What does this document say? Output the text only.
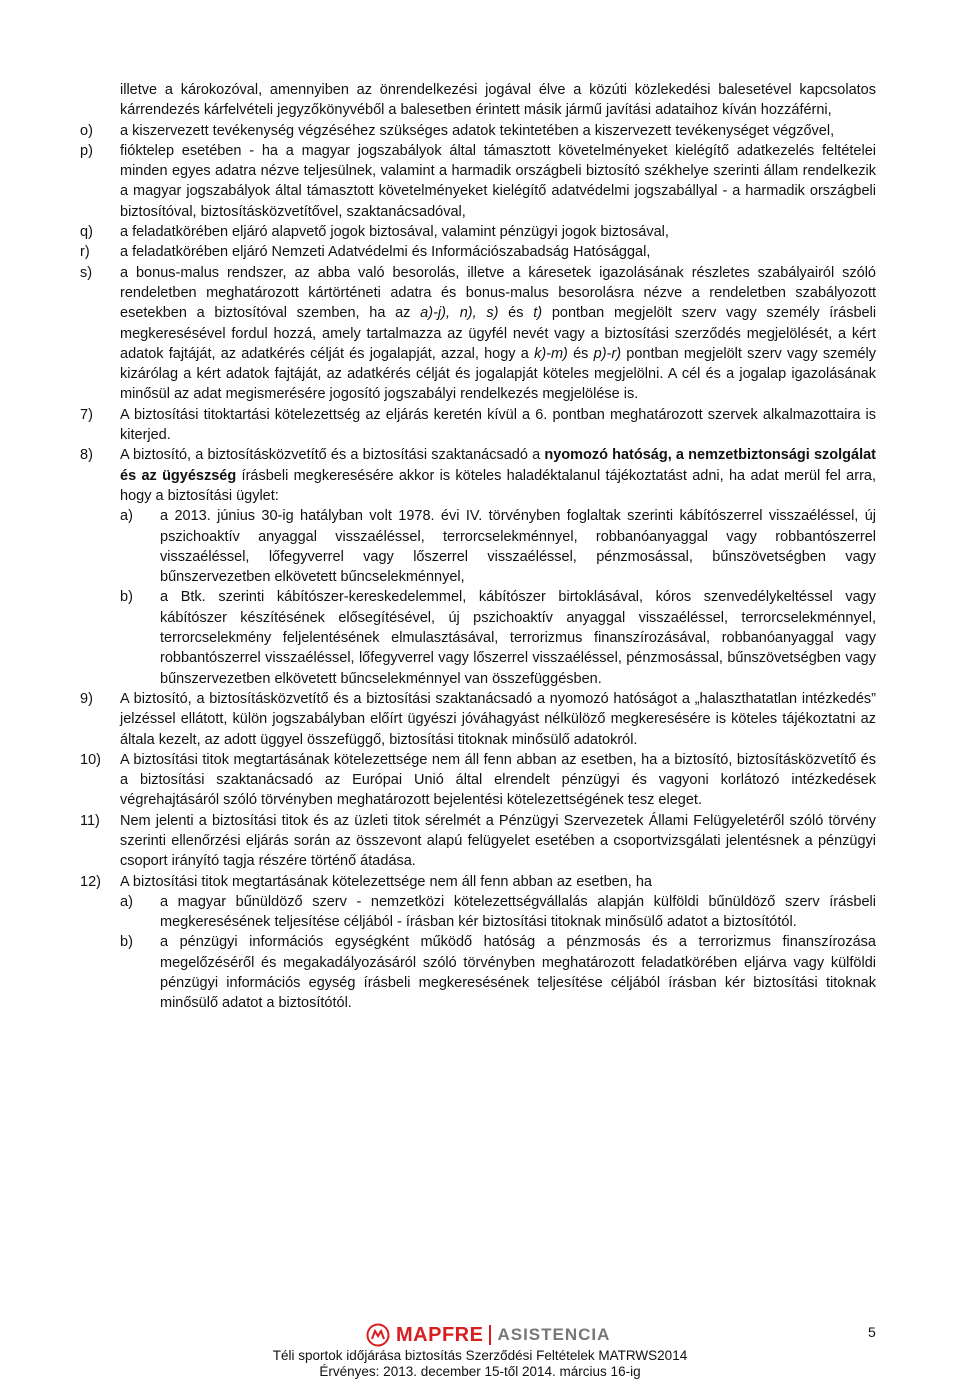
illetve a károkozóval, amennyiben az önrendelkezési jogával élve a közúti közlekedési balesetével kapcsolatos kárrendezés kárfelvételi jegyzőkönyvéből a balesetben érintett másik jármű javítási adataihoz kíván hozzáférni,
o) a kiszervezett tevékenység végzéséhez szükséges adatok tekintetében a kiszervezett tevékenységet végzővel,
p) fióktelep esetében - ha a magyar jogszabályok által támasztott követelményeket kielégítő adatkezelés feltételei minden egyes adatra nézve teljesülnek, valamint a harmadik országbeli biztosító székhelye szerinti állam rendelkezik a magyar jogszabályok által támasztott követelményeket kielégítő adatvédelmi jogszabállyal - a harmadik országbeli biztosítóval, biztosításközvetítővel, szaktanácsadóval,
q) a feladatkörében eljáró alapvető jogok biztosával, valamint pénzügyi jogok biztosával,
r) a feladatkörében eljáró Nemzeti Adatvédelmi és Információszabadság Hatósággal,
s) a bonus-malus rendszer, az abba való besorolás, illetve a káresetek igazolásának részletes szabályairól szóló rendeletben meghatározott kártörténeti adatra és bonus-malus besorolásra nézve a rendeletben szabályozott esetekben a biztosítóval szemben, ha az a)-j), n), s) és t) pontban megjelölt szerv vagy személy írásbeli megkeresésével fordul hozzá, amely tartalmazza az ügyfél nevét vagy a biztosítási szerződés megjelölését, a kért adatok fajtáját, az adatkérés célját és jogalapját, azzal, hogy a k)-m) és p)-r) pontban megjelölt szerv vagy személy kizárólag a kért adatok fajtáját, az adatkérés célját és jogalapját köteles megjelölni. A cél és a jogalap igazolásának minősül az adat megismerésére jogosító jogszabályi rendelkezés megjelölése is.
7) A biztosítási titoktartási kötelezettség az eljárás keretén kívül a 6. pontban meghatározott szervek alkalmazottaira is kiterjed.
8) A biztosító, a biztosításközvetítő és a biztosítási szaktanácsadó a nyomozó hatóság, a nemzetbiztonsági szolgálat és az ügyészség írásbeli megkeresésére akkor is köteles haladéktalanul tájékoztatást adni, ha adat merül fel arra, hogy a biztosítási ügylet:
a) a 2013. június 30-ig hatályban volt 1978. évi IV. törvényben foglaltak szerinti kábítószerrel visszaéléssel, új pszichoaktív anyaggal visszaéléssel, terrorcselekménnyel, robbanóanyaggal vagy robbantószerrel visszaéléssel, lőfegyverrel vagy lőszerrel visszaéléssel, pénzmosással, bűnszövetségben vagy bűnszervezetben elkövetett bűncselekménnyel,
b) a Btk. szerinti kábítószer-kereskedelemmel, kábítószer birtoklásával, kóros szenvedélykeltéssel vagy kábítószer készítésének elősegítésével, új pszichoaktív anyaggal visszaéléssel, terrorcselekménnyel, terrorcselekmény feljelentésének elmulasztásával, terrorizmus finanszírozásával, robbanóanyaggal vagy robbantószerrel visszaéléssel, lőfegyverrel vagy lőszerrel visszaéléssel, pénzmosással, bűnszövetségben vagy bűnszervezetben elkövetett bűncselekménnyel van összefüggésben.
9) A biztosító, a biztosításközvetítő és a biztosítási szaktanácsadó a nyomozó hatóságot a „halaszthatatlan intézkedés” jelzéssel ellátott, külön jogszabályban előírt ügyészi jóváhagyást nélkülöző megkeresésére is köteles tájékoztatni az általa kezelt, az adott üggyel összefüggő, biztosítási titoknak minősülő adatokról.
10) A biztosítási titok megtartásának kötelezettsége nem áll fenn abban az esetben, ha a biztosító, biztosításközvetítő és a biztosítási szaktanácsadó az Európai Unió által elrendelt pénzügyi és vagyoni korlátozó intézkedések végrehajtásáról szóló törvényben meghatározott bejelentési kötelezettségének tesz eleget.
11) Nem jelenti a biztosítási titok és az üzleti titok sérelmét a Pénzügyi Szervezetek Állami Felügyeletéről szóló törvény szerinti ellenőrzési eljárás során az összevont alapú felügyelet esetében a csoportvizsgálati jelentésnek a pénzügyi csoport irányító tagja részére történő átadása.
12) A biztosítási titok megtartásának kötelezettsége nem áll fenn abban az esetben, ha
a) a magyar bűnüldöző szerv - nemzetközi kötelezettségvállalás alapján külföldi bűnüldöző szerv írásbeli megkeresésének teljesítése céljából - írásban kér biztosítási titoknak minősülő adatot a biztosítótól.
b) a pénzügyi információs egységként működő hatóság a pénzmosás és a terrorizmus finanszírozása megelőzéséről és megakadályozásáról szóló törvényben meghatározott feladatkörében eljárva vagy külföldi pénzügyi információs egység írásbeli megkeresésének teljesítése céljából írásban kér biztosítási titoknak minősülő adatot a biztosítótól.
MAPFRE ASISTENCIA	5
Téli sportok időjárása biztosítás Szerződési Feltételek MATRWS2014
Érvényes: 2013. december 15-től 2014. március 16-ig
